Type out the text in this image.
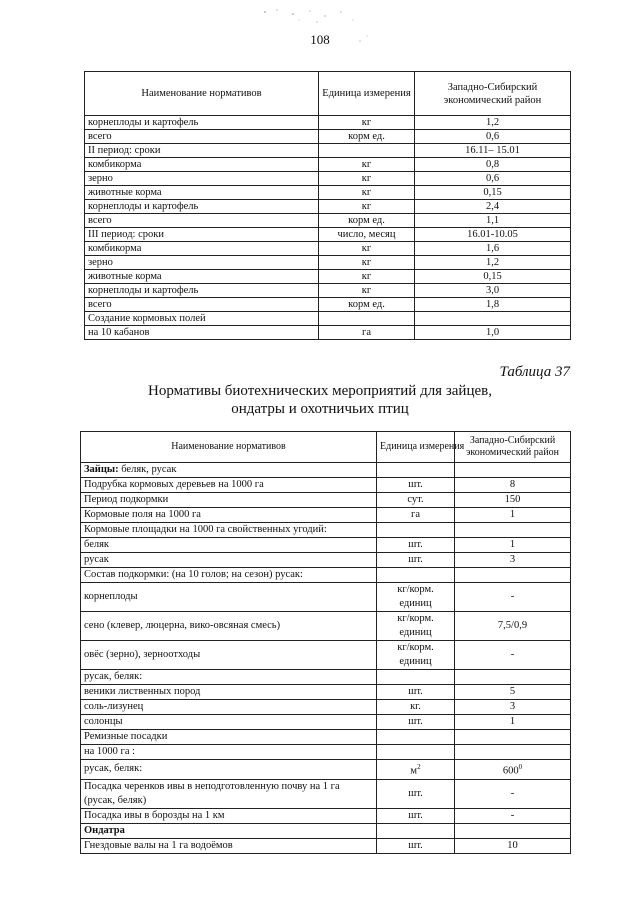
108
Наименование нормативов	Единица измерения	Западно-Сибирский экономический район
корнеплоды и картофель	кг	1,2
всего	корм ед.	0,6
II период: сроки		16.11– 15.01
комбикорма	кг	0,8
зерно	кг	0,6
животные корма	кг	0,15
корнеплоды и картофель	кг	2,4
всего	корм ед.	1,1
III период: сроки	число, месяц	16.01-10.05
комбикорма	кг	1,6
зерно	кг	1,2
животные корма	кг	0,15
корнеплоды и картофель	кг	3,0
всего	корм ед.	1,8
Создание кормовых полей		
на 10 кабанов	га	1,0
Таблица 37
Нормативы биотехнических мероприятий для зайцев,
ондатры и охотничьих птиц
Наименование нормативов	Единица измерения	Западно-Сибирский экономический район
Зайцы: беляк, русак		
Подрубка кормовых деревьев на 1000 га	шт.	8
Период подкормки	сут.	150
Кормовые поля на 1000 га	га	1
Кормовые площадки на 1000 га свойственных угодий:		
беляк	шт.	1
русак	шт.	3
Состав подкормки: (на 10 голов; на сезон) русак:		
корнеплоды	кг/корм. единиц	-
сено (клевер, люцерна, вико-овсяная смесь)	кг/корм. единиц	7,5/0,9
овёс (зерно), зерноотходы	кг/корм. единиц	-
русак, беляк:		
веники лиственных пород	шт.	5
соль-лизунец	кг.	3
солонцы	шт.	1
Ремизные посадки		
на 1000 га :		
русак, беляк:	$м^2$	$600^0$
Посадка черенков ивы в неподготовленную почву на 1 га (русак, беляк)	шт.	-
Посадка ивы в борозды на 1 км	шт.	-
Ондатра		
Гнездовые валы на 1 га водоёмов	шт.	10
